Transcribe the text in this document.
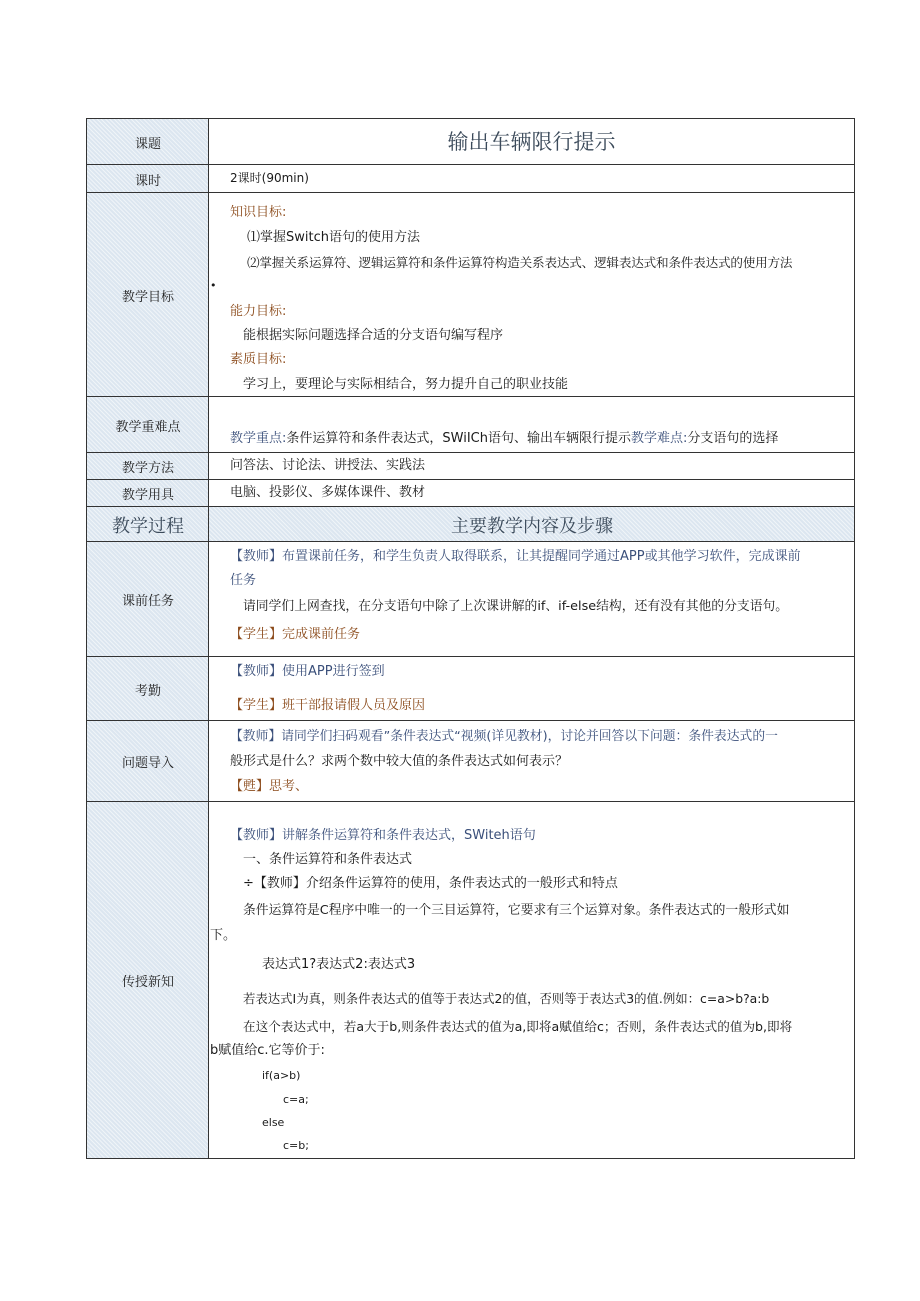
课题
课时
教学目标
教学重难点
教学方法
教学用具
教学过程	主要教学内容及步骤
课前任务
考勤
问题导入
传授新知
输出车辆限行提示
2课时(90min)
知识目标:
⑴掌握Switch语句的使用方法
⑵掌握关系运算符、逻辑运算符和条件运算符构造关系表达式、逻辑表达式和条件表达式的使用方法
•
能力目标:
能根据实际问题选择合适的分支语句编写程序
素质目标:
学习上，要理论与实际相结合，努力提升自己的职业技能
教学重点:条件运算符和条件表达式，SWiICh语句、输出车辆限行提示教学难点:分支语句的选择
问答法、讨论法、讲授法、实践法
电脑、投影仪、多媒体课件、教材
【教师】布置课前任务，和学生负责人取得联系，让其提醒同学通过APP或其他学习软件，完成课前
任务
请同学们上网查找，在分支语句中除了上次课讲解的if、if-else结构，还有没有其他的分支语句。
【学生】完成课前任务
【教师】使用APP进行签到
【学生】班干部报请假人员及原因
【教师】请同学们扫码观看”条件表达式“视频(详见教材)，讨论并回答以下问题：条件表达式的一
般形式是什么？求两个数中较大值的条件表达式如何表示？
【甦】思考、
【教师】讲解条件运算符和条件表达式，SWiteh语句
一、条件运算符和条件表达式
÷【教师】介绍条件运算符的使用，条件表达式的一般形式和特点
条件运算符是C程序中唯一的一个三目运算符，它要求有三个运算对象。条件表达式的一般形式如
下。
表达式1?表达式2:表达式3
若表达式I为真，则条件表达式的值等于表达式2的值，否则等于表达式3的值.例如：c=a>b?a:b
在这个表达式中，若a大于b,则条件表达式的值为a,即将a赋值给c；否则，条件表达式的值为b,即将
b赋值给c.它等价于:
if(a>b)
c=a;
else
c=b;
